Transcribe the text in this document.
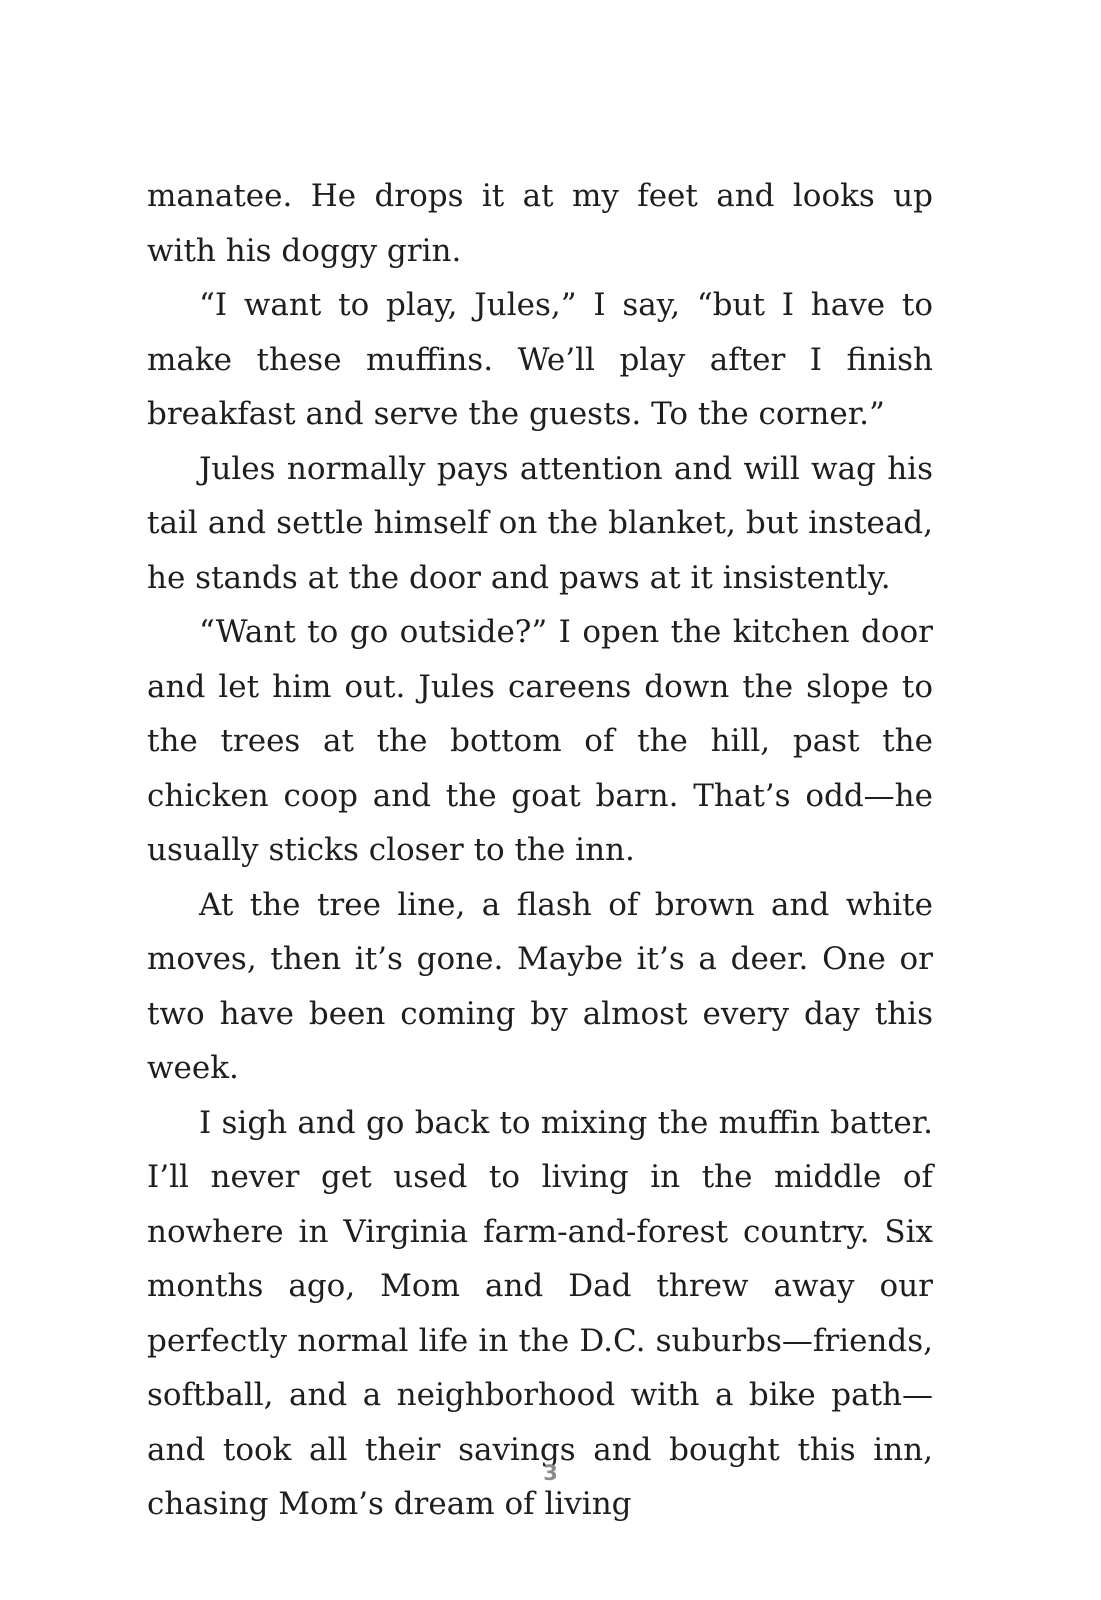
manatee. He drops it at my feet and looks up with his doggy grin.

“I want to play, Jules,” I say, “but I have to make these muffins. We’ll play after I finish breakfast and serve the guests. To the corner.”

Jules normally pays attention and will wag his tail and settle himself on the blanket, but instead, he stands at the door and paws at it insistently.

“Want to go outside?” I open the kitchen door and let him out. Jules careens down the slope to the trees at the bottom of the hill, past the chicken coop and the goat barn. That’s odd—he usually sticks closer to the inn.

At the tree line, a flash of brown and white moves, then it’s gone. Maybe it’s a deer. One or two have been coming by almost every day this week.

I sigh and go back to mixing the muffin batter. I’ll never get used to living in the middle of nowhere in Virginia farm-and-forest country. Six months ago, Mom and Dad threw away our perfectly normal life in the D.C. suburbs—friends, softball, and a neighborhood with a bike path—and took all their savings and bought this inn, chasing Mom’s dream of living

3
